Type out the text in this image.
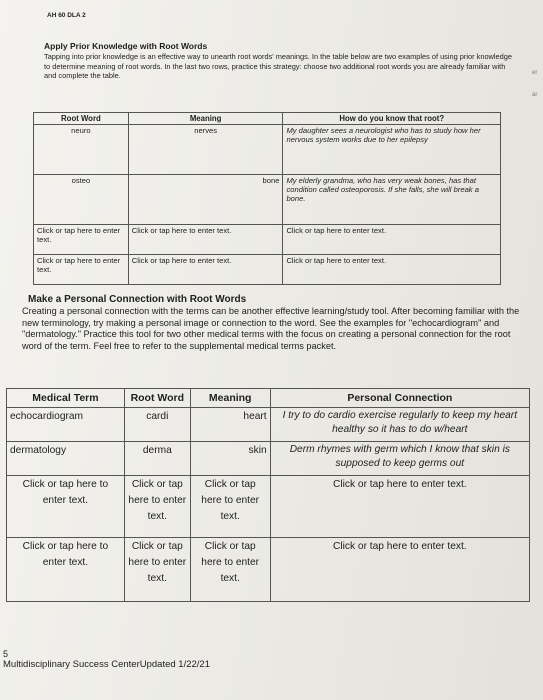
AH 60 DLA 2
Apply Prior Knowledge with Root Words
Tapping into prior knowledge is an effective way to unearth root words' meanings. In the table below are two examples of using prior knowledge to determine meaning of root words. In the last two rows, practice this strategy: choose two additional root words you are already familiar with and complete the table.	er
ar
Root Word	Meaning	How do you know that root?
neuro	nerves	My daughter sees a neurologist who has to study how her nervous system works due to her epilepsy
osteo	bone	My elderly grandma, who has very weak bones, has that condition called osteoporosis. If she falls, she will break a bone.
Click or tap here to enter text.	Click or tap here to enter text.	Click or tap here to enter text.
Click or tap here to enter text.	Click or tap here to enter text.	Click or tap here to enter text.
Make a Personal Connection with Root Words
Creating a personal connection with the terms can be another effective learning/study tool. After becoming familiar with the new terminology, try making a personal image or connection to the word. See the examples for "echocardiogram" and "dermatology." Practice this tool for two other medical terms with the focus on creating a personal connection for the root word of the term. Feel free to refer to the supplemental medical terms packet.
Medical Term	Root Word	Meaning	Personal Connection
echocardiogram	cardi	heart	I try to do cardio exercise regularly to keep my heart healthy so it has to do w/heart
dermatology	derma	skin	Derm rhymes with germ which I know that skin is supposed to keep germs out
Click or tap here to enter text.	Click or tap here to enter text.	Click or tap here to enter text.	Click or tap here to enter text.
Click or tap here to enter text.	Click or tap here to enter text.	Click or tap here to enter text.	Click or tap here to enter text.
5
Multidisciplinary Success CenterUpdated 1/22/21
